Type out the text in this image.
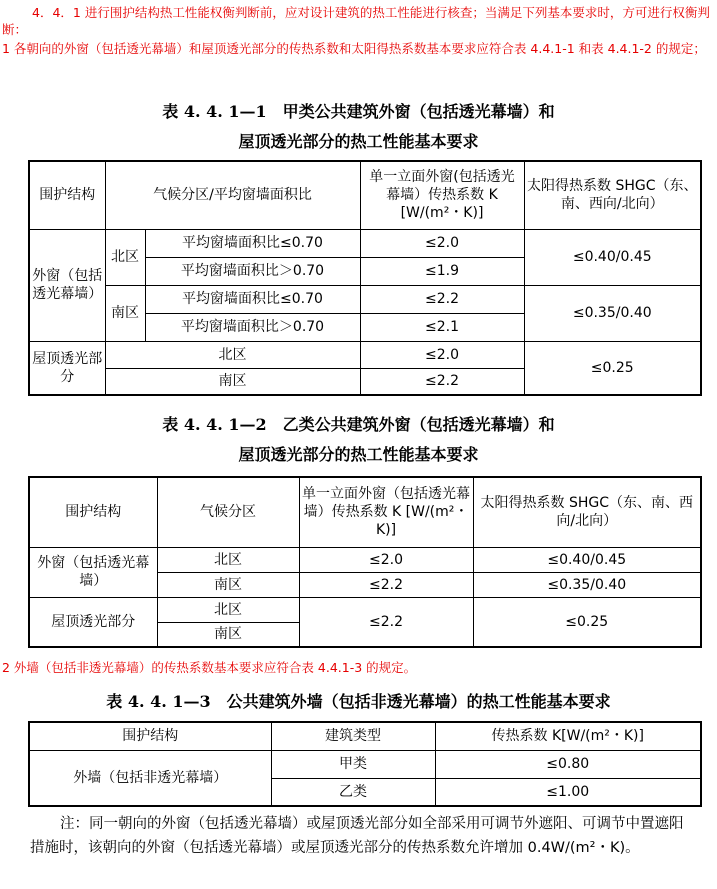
4．4．1 进行围护结构热工性能权衡判断前，应对设计建筑的热工性能进行核查；当满足下列基本要求时，方可进行权衡判断：

1 各朝向的外窗（包括透光幕墙）和屋顶透光部分的传热系数和太阳得热系数基本要求应符合表 4.4.1-1 和表 4.4.1-2 的规定；

表 4. 4. 1—1　甲类公共建筑外窗（包括透光幕墙）和

屋顶透光部分的热工性能基本要求

围护结构	气候分区/平均窗墙面积比		单一立面外窗(包括透光幕墙）传热系数 K [W/(m²・K)]	太阳得热系数 SHGC（东、南、西向/北向）
外窗（包括透光幕墙）	北区	平均窗墙面积比≤0.70	≤2.0	≤0.40/0.45
		平均窗墙面积比＞0.70	≤1.9	
	南区	平均窗墙面积比≤0.70	≤2.2	≤0.35/0.40
		平均窗墙面积比＞0.70	≤2.1	
屋顶透光部分	北区		≤2.0	≤0.25
	南区		≤2.2	

表 4. 4. 1—2　乙类公共建筑外窗（包括透光幕墙）和

屋顶透光部分的热工性能基本要求

围护结构	气候分区	单一立面外窗（包括透光幕墙）传热系数 K [W/(m²・K)]	太阳得热系数 SHGC（东、南、西向/北向）
外窗（包括透光幕墙）	北区	≤2.0	≤0.40/0.45
	南区	≤2.2	≤0.35/0.40
屋顶透光部分	北区	≤2.2	≤0.25
	南区		

2 外墙（包括非透光幕墙）的传热系数基本要求应符合表 4.4.1-3 的规定。

表 4. 4. 1—3　公共建筑外墙（包括非透光幕墙）的热工性能基本要求

围护结构	建筑类型	传热系数 K[W/(m²・K)]
外墙（包括非透光幕墙）	甲类	≤0.80
	乙类	≤1.00

注：同一朝向的外窗（包括透光幕墙）或屋顶透光部分如全部采用可调节外遮阳、可调节中置遮阳措施时，该朝向的外窗（包括透光幕墙）或屋顶透光部分的传热系数允许增加 0.4W/(m²・K)。
